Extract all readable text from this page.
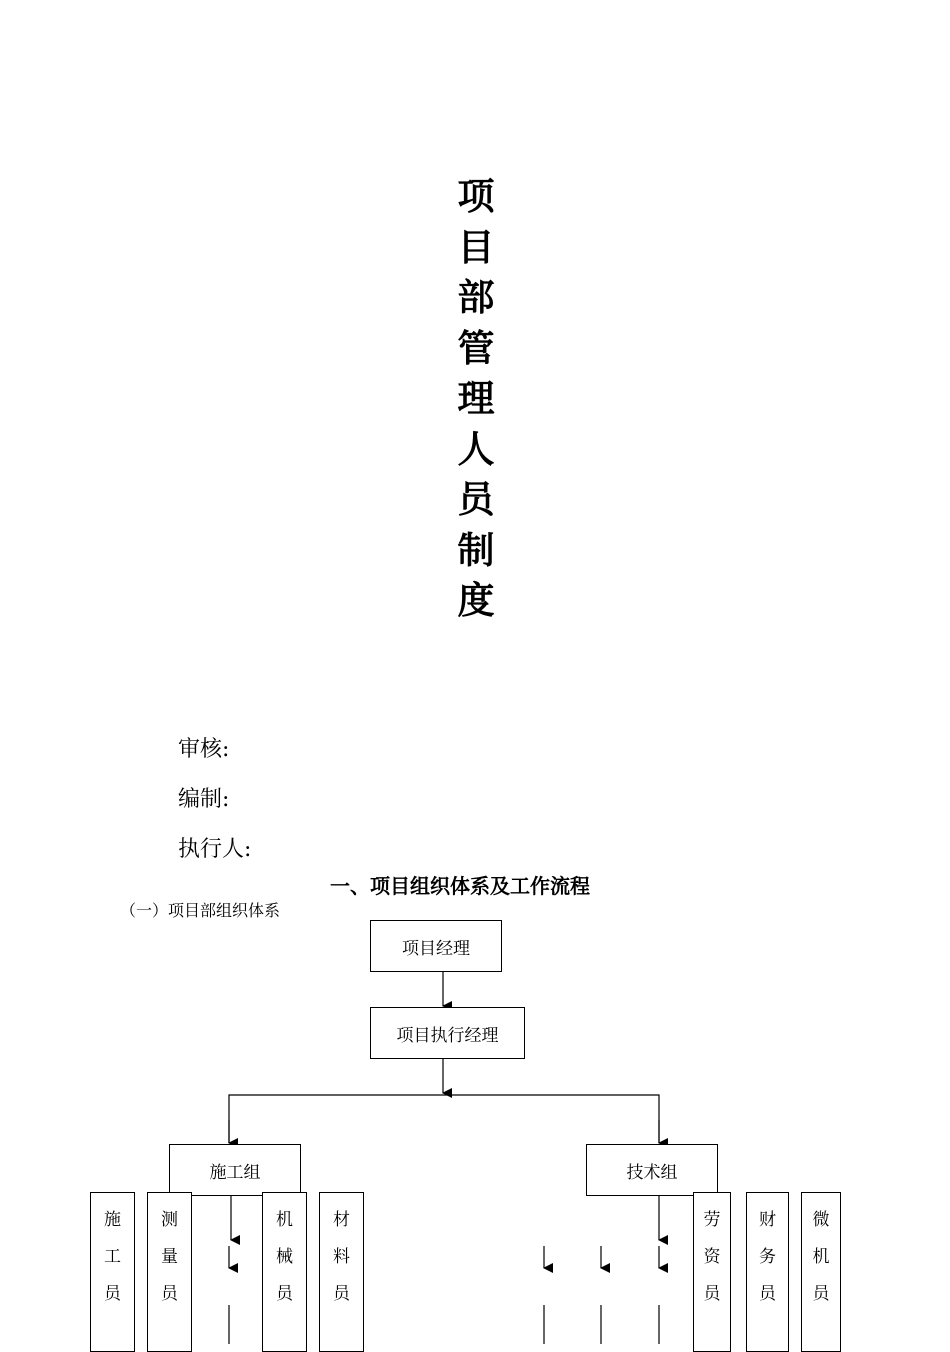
项
目
部
管
理
人
员
制
度
审核:
编制:
执行人:
一、项目组织体系及工作流程
（一）项目部组织体系
项目经理
项目执行经理
施工组	技术组
施
工
员
测
量
员
机
械
员
材
料
员
劳
资
员
财
务
员
微
机
员
